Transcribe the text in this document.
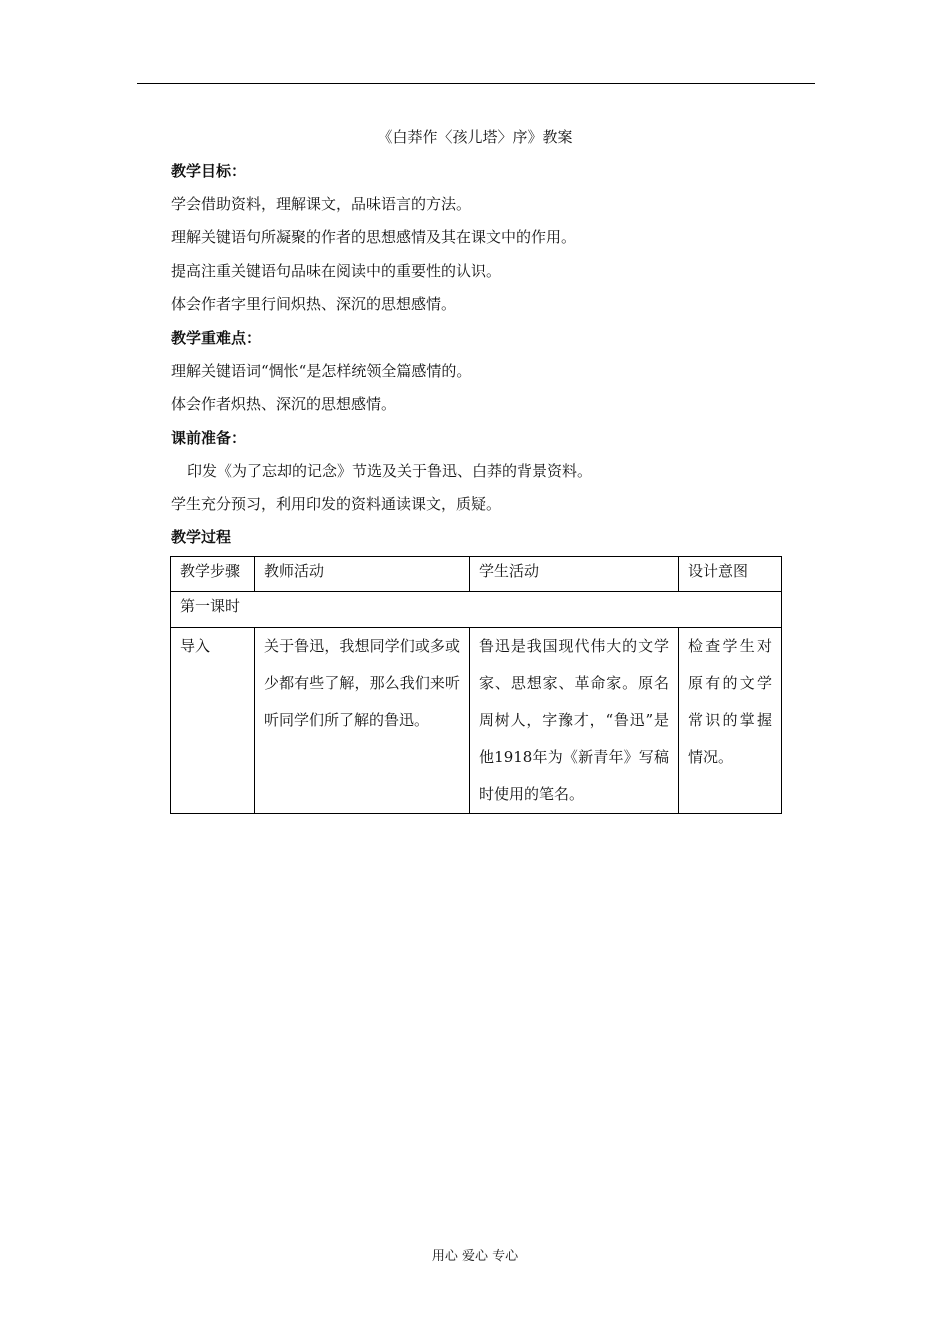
《白莽作〈孩儿塔〉序》教案
教学目标：
学会借助资料，理解课文，品味语言的方法。
理解关键语句所凝聚的作者的思想感情及其在课文中的作用。
提高注重关键语句品味在阅读中的重要性的认识。
体会作者字里行间炽热、深沉的思想感情。
教学重难点：
理解关键语词“惆怅“是怎样统领全篇感情的。
体会作者炽热、深沉的思想感情。
课前准备：
印发《为了忘却的记念》节选及关于鲁迅、白莽的背景资料。
学生充分预习，利用印发的资料通读课文，质疑。
教学过程
教学步骤	教师活动	学生活动	设计意图
第一课时			

导入	关于鲁迅，我想同学们或多或少都有些了解，那么我们来听听同学们所了解的鲁迅。	鲁迅是我国现代伟大的文学家、思想家、革命家。原名周树人，字豫才，“鲁迅”是他1918年为《新青年》写稿时使用的笔名。	检查学生对原有的文学常识的掌握情况。
用心 爱心 专心
